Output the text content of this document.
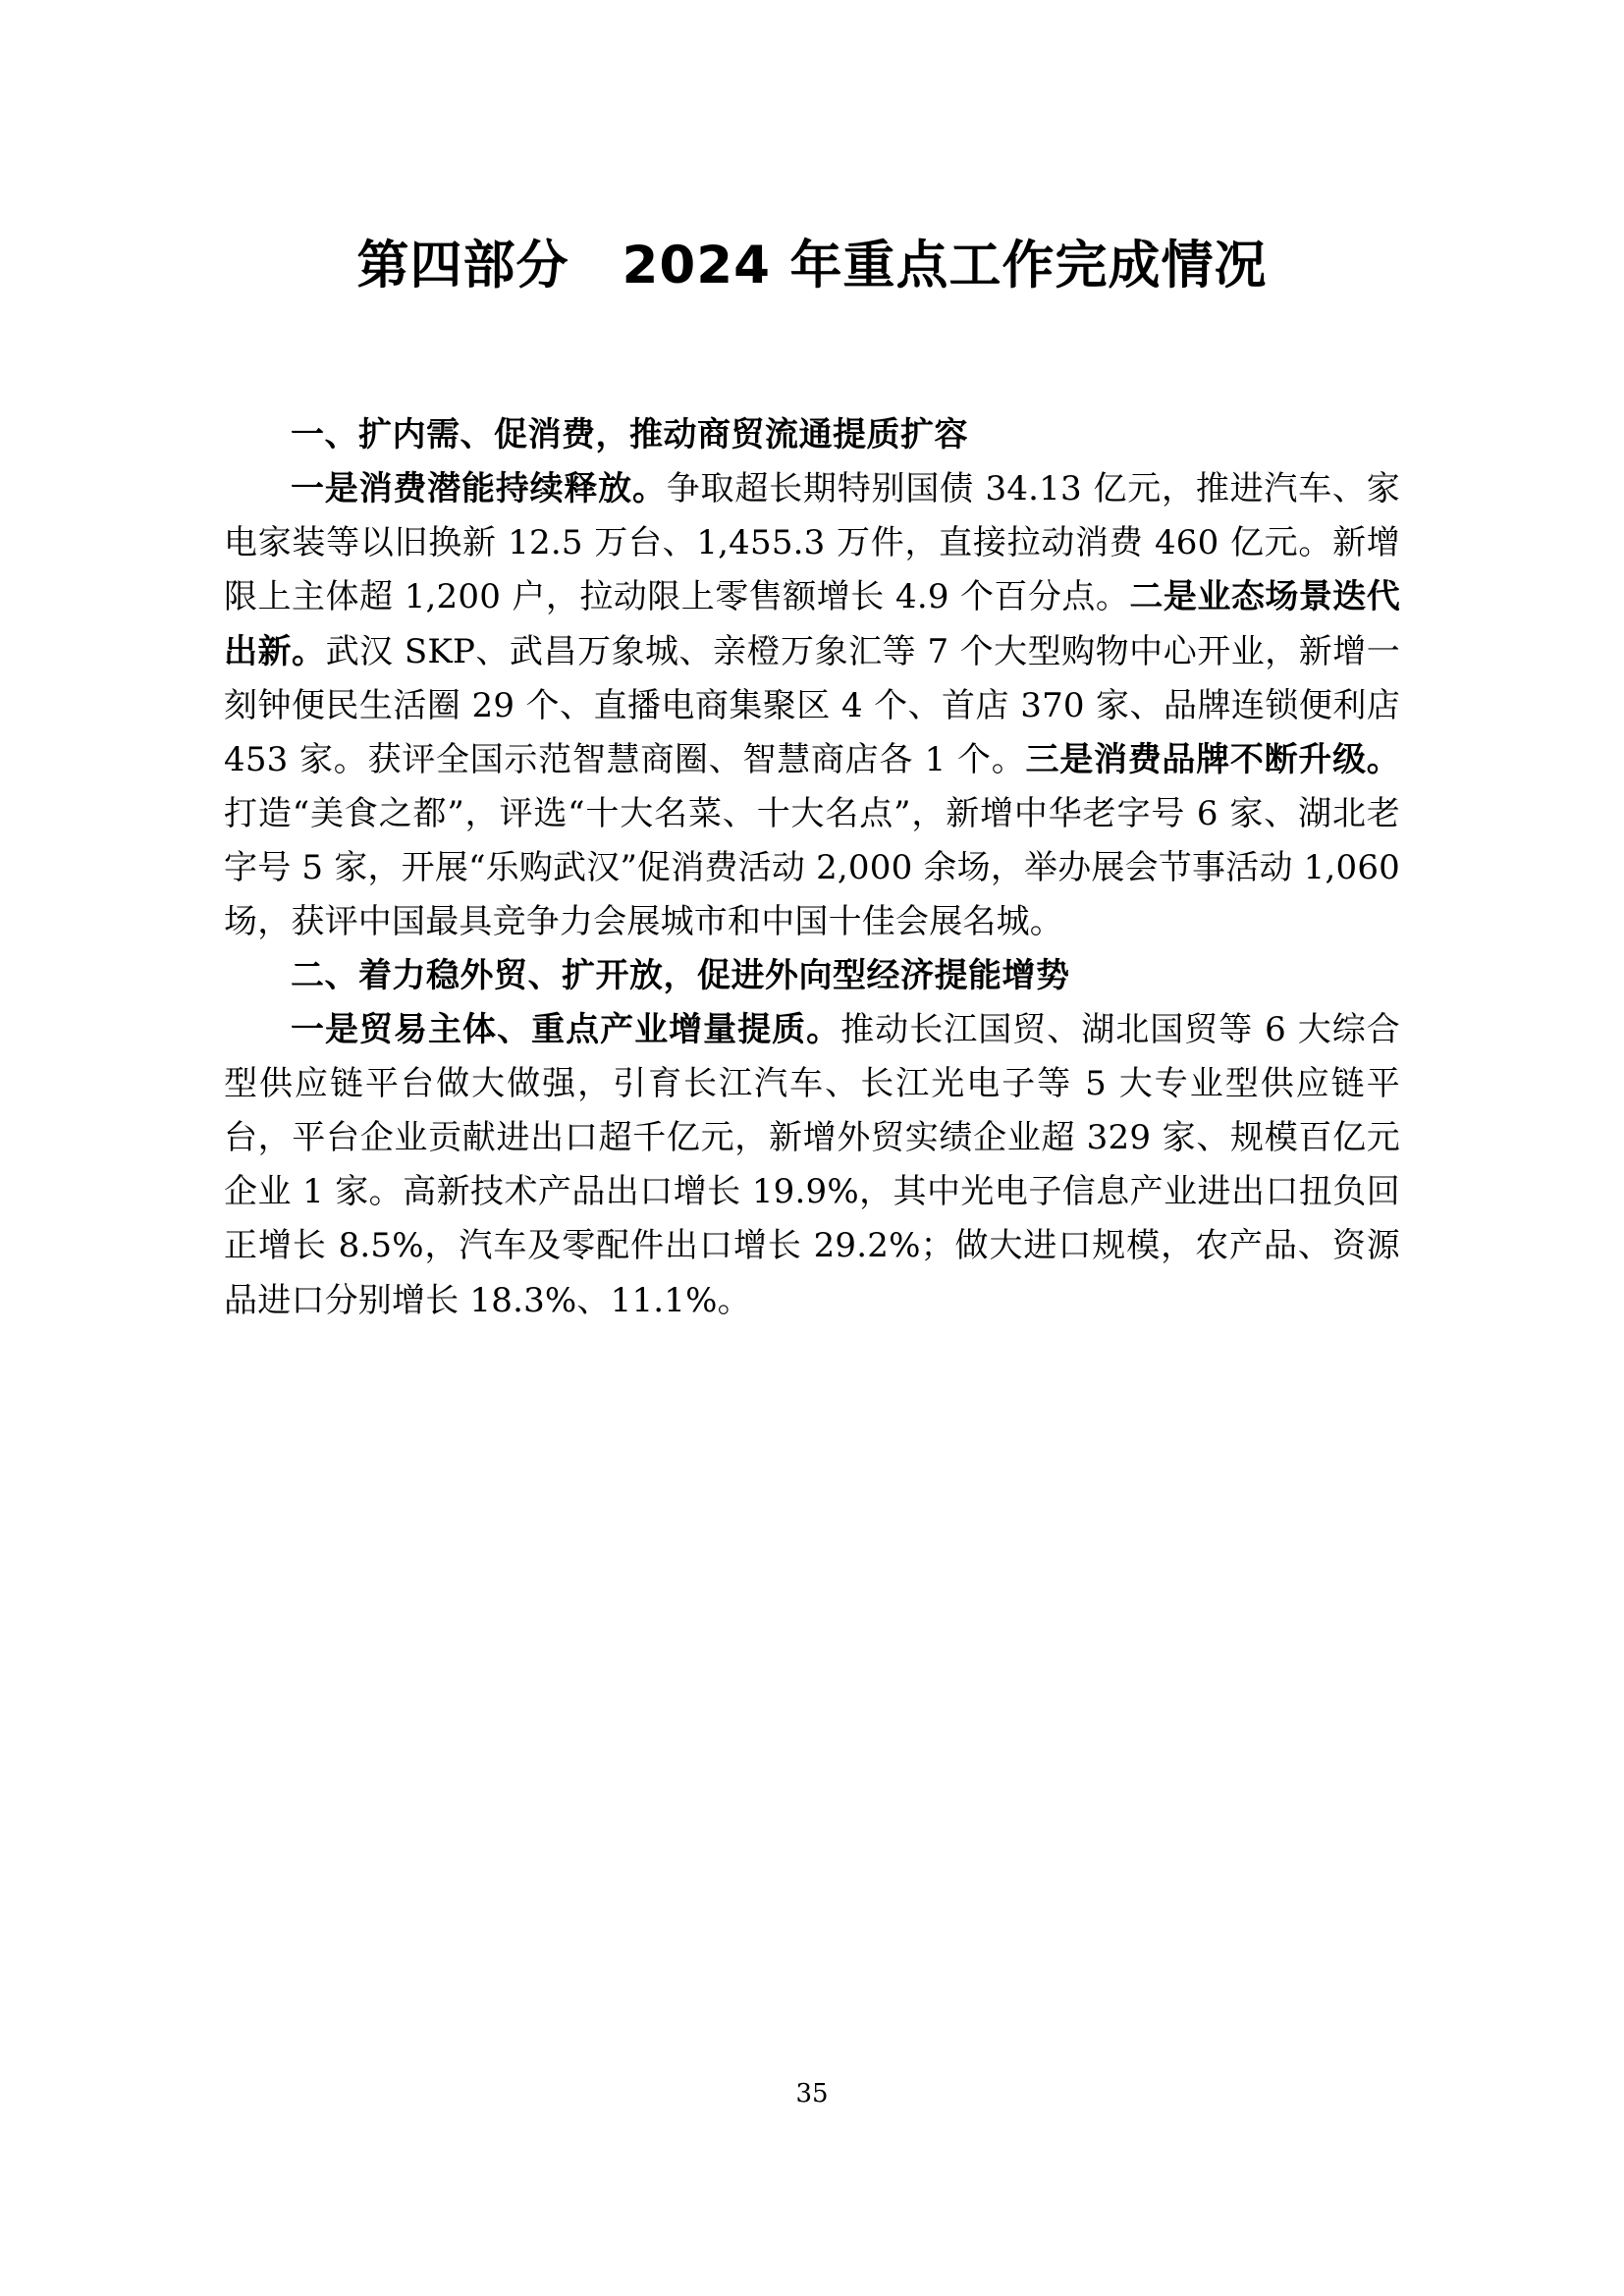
第四部分　2024 年重点工作完成情况
一、扩内需、促消费，推动商贸流通提质扩容

一是消费潜能持续释放。争取超长期特别国债 34.13 亿元，推进汽车、家电家装等以旧换新 12.5 万台、1,455.3 万件，直接拉动消费 460 亿元。新增限上主体超 1,200 户，拉动限上零售额增长 4.9 个百分点。二是业态场景迭代出新。武汉 SKP、武昌万象城、亲橙万象汇等 7 个大型购物中心开业，新增一刻钟便民生活圈 29 个、直播电商集聚区 4 个、首店 370 家、品牌连锁便利店 453 家。获评全国示范智慧商圈、智慧商店各 1 个。三是消费品牌不断升级。打造“美食之都”，评选“十大名菜、十大名点”，新增中华老字号 6 家、湖北老字号 5 家，开展“乐购武汉”促消费活动 2,000 余场，举办展会节事活动 1,060 场，获评中国最具竞争力会展城市和中国十佳会展名城。

二、着力稳外贸、扩开放，促进外向型经济提能增势

一是贸易主体、重点产业增量提质。推动长江国贸、湖北国贸等 6 大综合型供应链平台做大做强，引育长江汽车、长江光电子等 5 大专业型供应链平台，平台企业贡献进出口超千亿元，新增外贸实绩企业超 329 家、规模百亿元企业 1 家。高新技术产品出口增长 19.9%，其中光电子信息产业进出口扭负回正增长 8.5%，汽车及零配件出口增长 29.2%；做大进口规模，农产品、资源品进口分别增长 18.3%、11.1%。

35
